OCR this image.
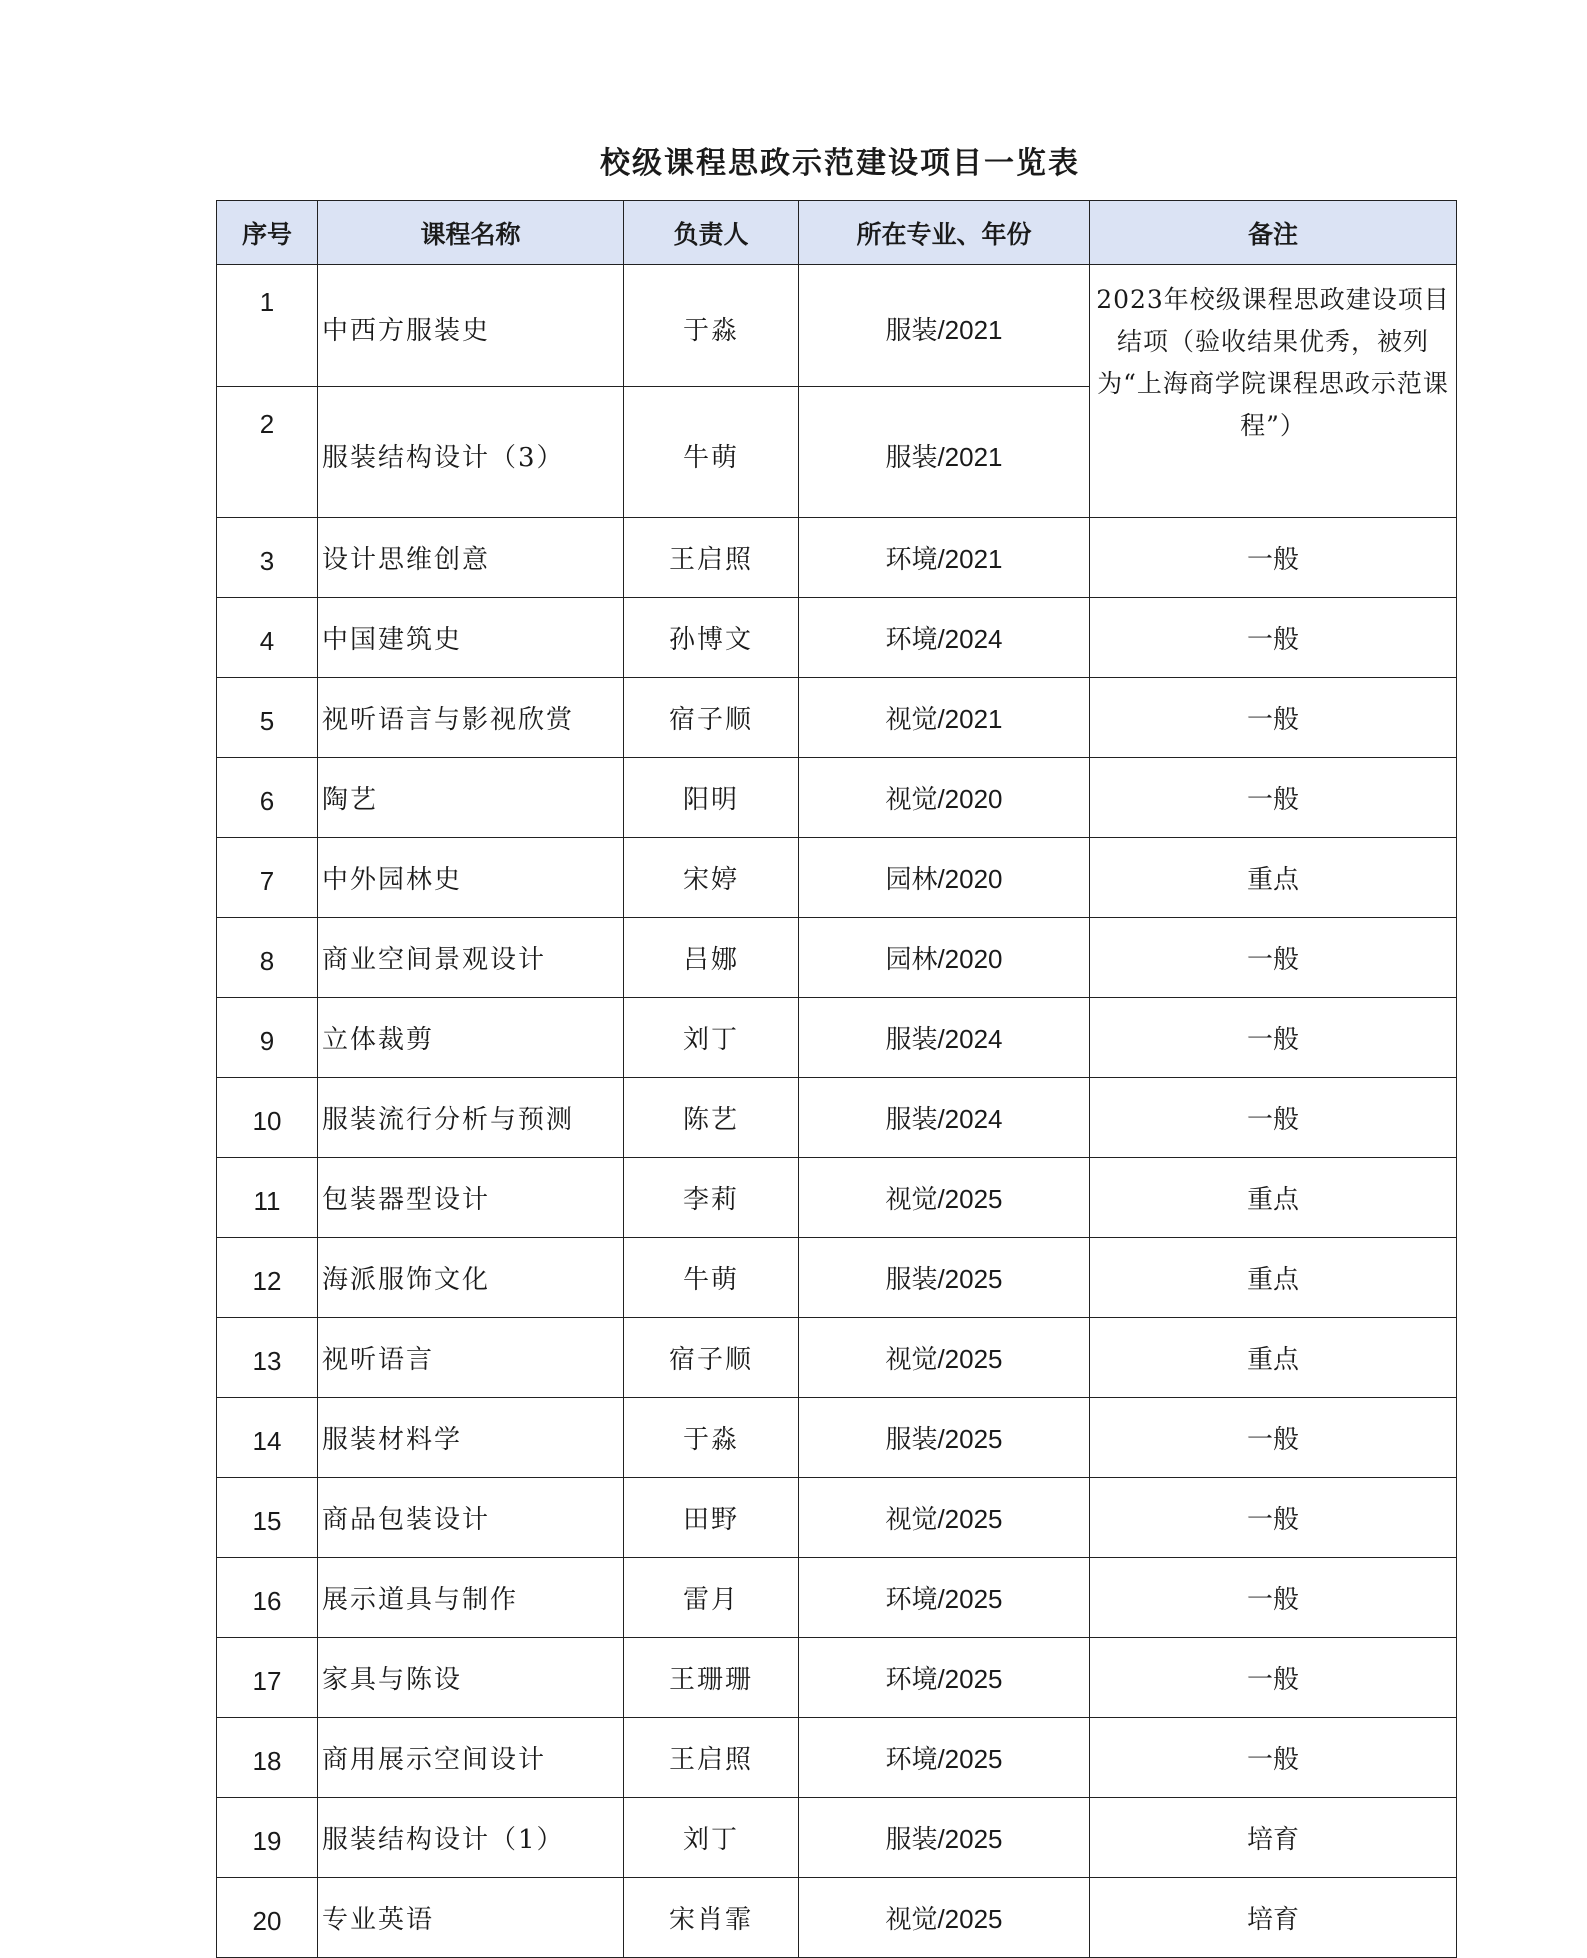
校级课程思政示范建设项目一览表
序号	课程名称	负责人	所在专业、年份	备注
1	中西方服装史	于淼	服装/2021	2023年校级课程思政建设项目结项（验收结果优秀，被列为“上海商学院课程思政示范课程”）
2	服装结构设计（3）	牛萌	服装/2021	
3	设计思维创意	王启照	环境/2021	一般
4	中国建筑史	孙博文	环境/2024	一般
5	视听语言与影视欣赏	宿子顺	视觉/2021	一般
6	陶艺	阳明	视觉/2020	一般
7	中外园林史	宋婷	园林/2020	重点
8	商业空间景观设计	吕娜	园林/2020	一般
9	立体裁剪	刘丁	服装/2024	一般
10	服装流行分析与预测	陈艺	服装/2024	一般
11	包装器型设计	李莉	视觉/2025	重点
12	海派服饰文化	牛萌	服装/2025	重点
13	视听语言	宿子顺	视觉/2025	重点
14	服装材料学	于淼	服装/2025	一般
15	商品包装设计	田野	视觉/2025	一般
16	展示道具与制作	雷月	环境/2025	一般
17	家具与陈设	王珊珊	环境/2025	一般
18	商用展示空间设计	王启照	环境/2025	一般
19	服装结构设计（1）	刘丁	服装/2025	培育
20	专业英语	宋肖霏	视觉/2025	培育
